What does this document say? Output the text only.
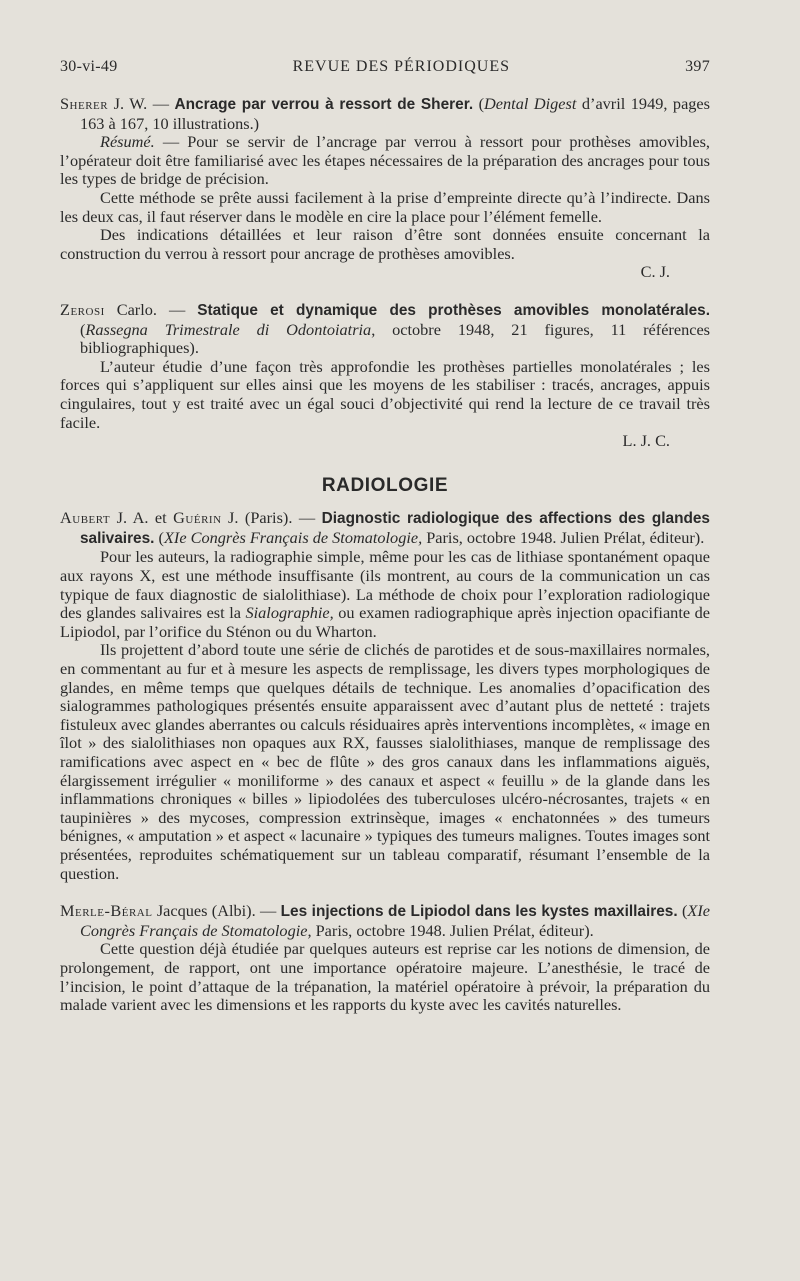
30-vi-49	REVUE DES PÉRIODIQUES	397

Sherer J. W. — Ancrage par verrou à ressort de Sherer. (Dental Digest d’avril 1949, pages 163 à 167, 10 illustrations.)

Résumé. — Pour se servir de l’ancrage par verrou à ressort pour prothèses amovibles, l’opérateur doit être familiarisé avec les étapes nécessaires de la préparation des ancrages pour tous les types de bridge de précision.

Cette méthode se prête aussi facilement à la prise d’empreinte directe qu’à l’indirecte. Dans les deux cas, il faut réserver dans le modèle en cire la place pour l’élément femelle.

Des indications détaillées et leur raison d’être sont données ensuite concernant la construction du verrou à ressort pour ancrage de prothèses amovibles.

C. J.

Zerosi Carlo. — Statique et dynamique des prothèses amovibles monolatérales. (Rassegna Trimestrale di Odontoiatria, octobre 1948, 21 figures, 11 références bibliographiques).

L’auteur étudie d’une façon très approfondie les prothèses partielles monolatérales ; les forces qui s’appliquent sur elles ainsi que les moyens de les stabiliser : tracés, ancrages, appuis cingulaires, tout y est traité avec un égal souci d’objectivité qui rend la lecture de ce travail très facile.

L. J. C.

RADIOLOGIE

Aubert J. A. et Guérin J. (Paris). — Diagnostic radiologique des affections des glandes salivaires. (XIe Congrès Français de Stomatologie, Paris, octobre 1948. Julien Prélat, éditeur).

Pour les auteurs, la radiographie simple, même pour les cas de lithiase spontanément opaque aux rayons X, est une méthode insuffisante (ils montrent, au cours de la communication un cas typique de faux diagnostic de sialolithiase). La méthode de choix pour l’exploration radiologique des glandes salivaires est la Sialographie, ou examen radiographique après injection opacifiante de Lipiodol, par l’orifice du Sténon ou du Wharton.

Ils projettent d’abord toute une série de clichés de parotides et de sous-maxillaires normales, en commentant au fur et à mesure les aspects de remplissage, les divers types morphologiques de glandes, en même temps que quelques détails de technique. Les anomalies d’opacification des sialogrammes pathologiques présentés ensuite apparaissent avec d’autant plus de netteté : trajets fistuleux avec glandes aberrantes ou calculs résiduaires après interventions incomplètes, « image en îlot » des sialolithiases non opaques aux RX, fausses sialolithiases, manque de remplissage des ramifications avec aspect en « bec de flûte » des gros canaux dans les inflammations aiguës, élargissement irrégulier « moniliforme » des canaux et aspect « feuillu » de la glande dans les inflammations chroniques « billes » lipiodolées des tuberculoses ulcéro-nécrosantes, trajets « en taupinières » des mycoses, compression extrinsèque, images « enchatonnées » des tumeurs bénignes, « amputation » et aspect « lacunaire » typiques des tumeurs malignes. Toutes images sont présentées, reproduites schématiquement sur un tableau comparatif, résumant l’ensemble de la question.

Merle-Béral Jacques (Albi). — Les injections de Lipiodol dans les kystes maxillaires. (XIe Congrès Français de Stomatologie, Paris, octobre 1948. Julien Prélat, éditeur).

Cette question déjà étudiée par quelques auteurs est reprise car les notions de dimension, de prolongement, de rapport, ont une importance opératoire majeure. L’anesthésie, le tracé de l’incision, le point d’attaque de la trépanation, la matériel opératoire à prévoir, la préparation du malade varient avec les dimensions et les rapports du kyste avec les cavités naturelles.
